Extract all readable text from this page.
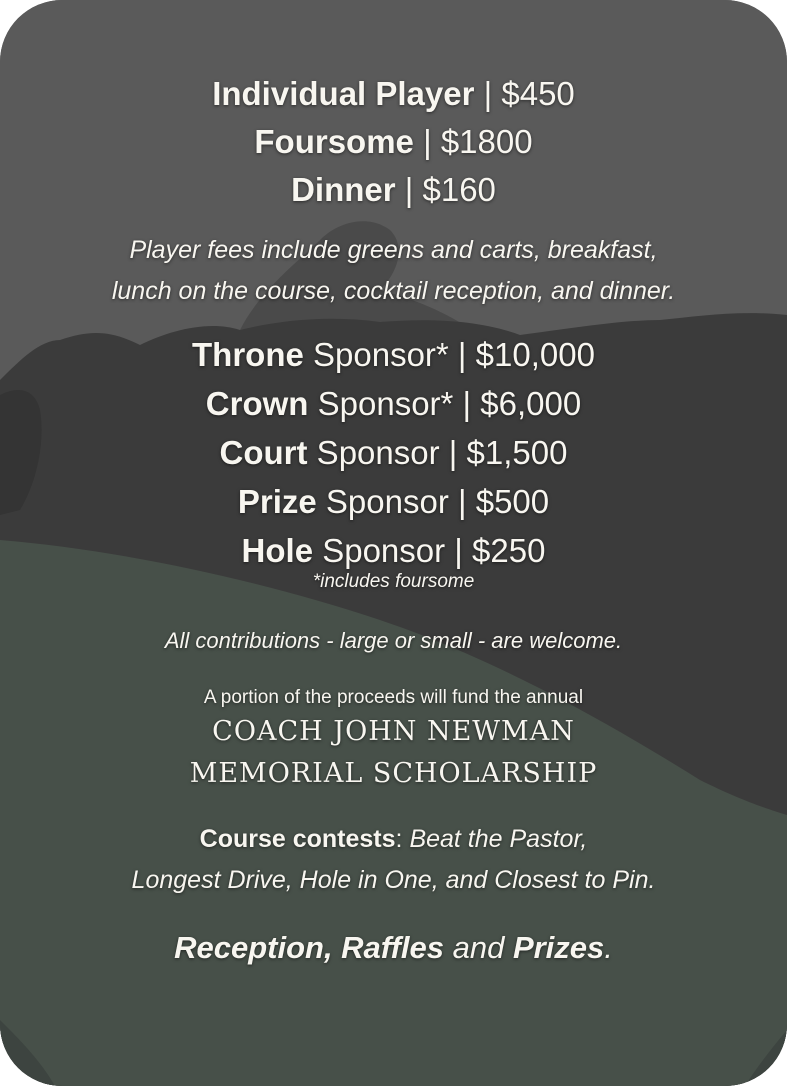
Individual Player | $450
Foursome | $1800
Dinner | $160
Player fees include greens and carts, breakfast,
lunch on the course, cocktail reception, and dinner.
Throne Sponsor* | $10,000
Crown Sponsor* | $6,000
Court Sponsor | $1,500
Prize Sponsor | $500
Hole Sponsor | $250
*includes foursome
All contributions - large or small - are welcome.
A portion of the proceeds will fund the annual
COACH JOHN NEWMAN
MEMORIAL SCHOLARSHIP
Course contests: Beat the Pastor,
Longest Drive, Hole in One, and Closest to Pin.
Reception, Raffles and Prizes.
